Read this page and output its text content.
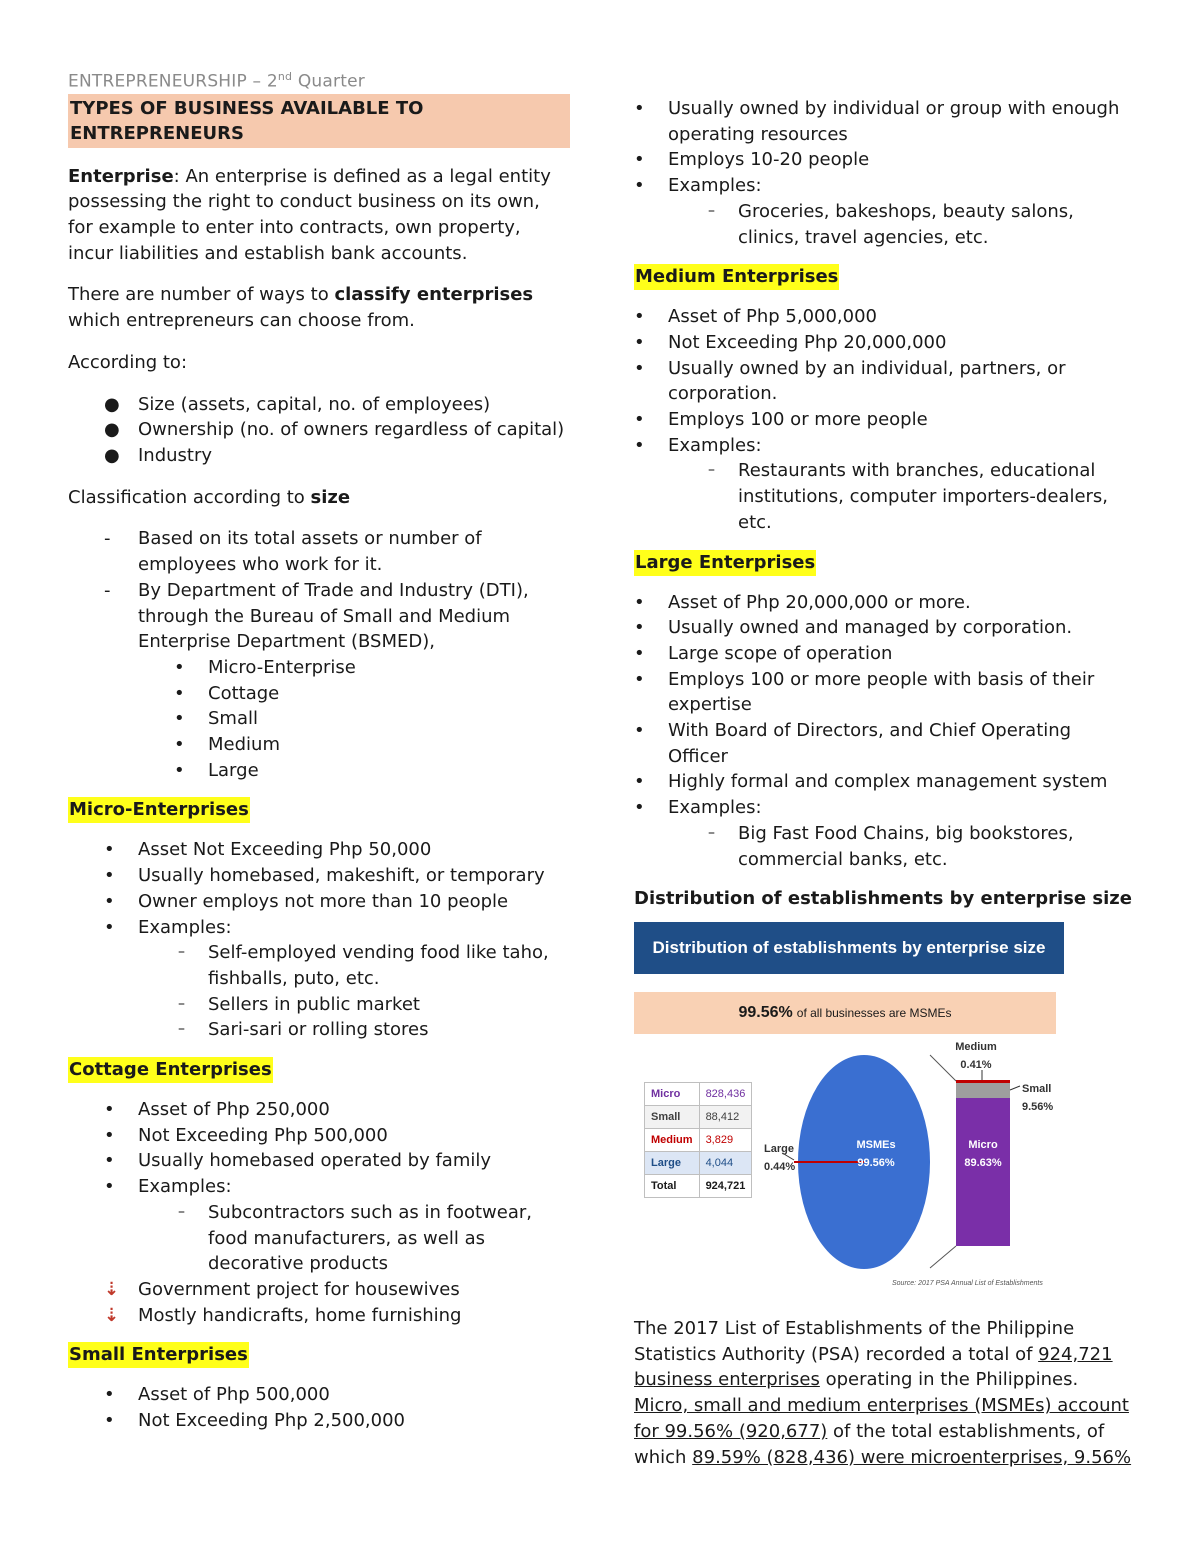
ENTREPRENEURSHIP – 2nd Quarter
TYPES OF BUSINESS AVAILABLE TO ENTREPRENEURS

Enterprise: An enterprise is defined as a legal entity possessing the right to conduct business on its own, for example to enter into contracts, own property, incur liabilities and establish bank accounts.

There are number of ways to classify enterprises which entrepreneurs can choose from.

According to:

● Size (assets, capital, no. of employees)
● Ownership (no. of owners regardless of capital)
● Industry

Classification according to size

- Based on its total assets or number of employees who work for it.
- By Department of Trade and Industry (DTI), through the Bureau of Small and Medium Enterprise Department (BSMED),
• Micro-Enterprise
• Cottage
• Small
• Medium
• Large

Micro-Enterprises

• Asset Not Exceeding Php 50,000
• Usually homebased, makeshift, or temporary
• Owner employs not more than 10 people
• Examples:
– Self-employed vending food like taho, fishballs, puto, etc.
– Sellers in public market
– Sari-sari or rolling stores

Cottage Enterprises

• Asset of Php 250,000
• Not Exceeding Php 500,000
• Usually homebased operated by family
• Examples:
– Subcontractors such as in footwear, food manufacturers, as well as decorative products
⇣ Government project for housewives
⇣ Mostly handicrafts, home furnishing

Small Enterprises

• Asset of Php 500,000
• Not Exceeding Php 2,500,000
• Usually owned by individual or group with enough operating resources
• Employs 10-20 people
• Examples:
– Groceries, bakeshops, beauty salons, clinics, travel agencies, etc.

Medium Enterprises

• Asset of Php 5,000,000
• Not Exceeding Php 20,000,000
• Usually owned by an individual, partners, or corporation.
• Employs 100 or more people
• Examples:
– Restaurants with branches, educational institutions, computer importers-dealers, etc.

Large Enterprises

• Asset of Php 20,000,000 or more.
• Usually owned and managed by corporation.
• Large scope of operation
• Employs 100 or more people with basis of their expertise
• With Board of Directors, and Chief Operating Officer
• Highly formal and complex management system
• Examples:
– Big Fast Food Chains, big bookstores, commercial banks, etc.

Distribution of establishments by enterprise size

Distribution of establishments by enterprise size
99.56% of all businesses are MSMEs
MSMEs
99.56%
Micro
89.63%
Large
0.44%
Medium
0.41%
Small
9.56%
Micro	828,436
Small	88,412
Medium	3,829
Large	4,044
Total	924,721
Source: 2017 PSA Annual List of Establishments

The 2017 List of Establishments of the Philippine Statistics Authority (PSA) recorded a total of 924,721 business enterprises operating in the Philippines. Micro, small and medium enterprises (MSMEs) account for 99.56% (920,677) of the total establishments, of which 89.59% (828,436) were microenterprises, 9.56%
